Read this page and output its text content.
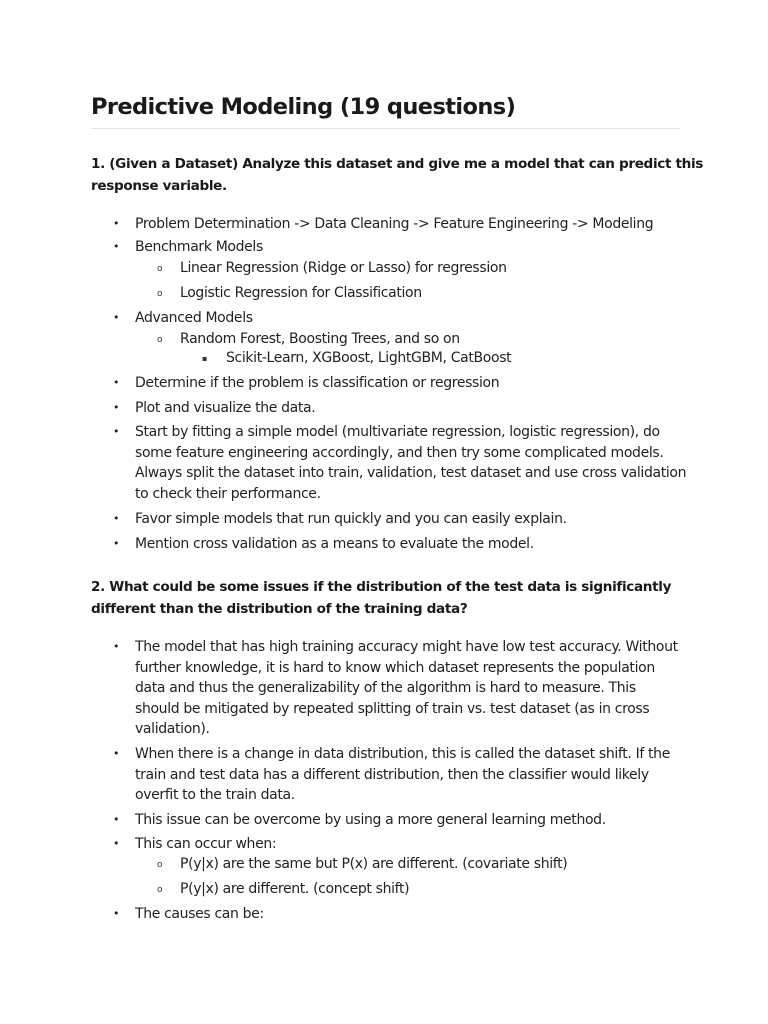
Predictive Modeling (19 questions)

1. (Given a Dataset) Analyze this dataset and give me a model that can predict this
response variable.

• Problem Determination -> Data Cleaning -> Feature Engineering -> Modeling
• Benchmark Models
o Linear Regression (Ridge or Lasso) for regression
o Logistic Regression for Classification
• Advanced Models
o Random Forest, Boosting Trees, and so on
▪ Scikit-Learn, XGBoost, LightGBM, CatBoost
• Determine if the problem is classification or regression
• Plot and visualize the data.
• Start by fitting a simple model (multivariate regression, logistic regression), do
some feature engineering accordingly, and then try some complicated models.
Always split the dataset into train, validation, test dataset and use cross validation
to check their performance.
• Favor simple models that run quickly and you can easily explain.
• Mention cross validation as a means to evaluate the model.

2. What could be some issues if the distribution of the test data is significantly
different than the distribution of the training data?

• The model that has high training accuracy might have low test accuracy. Without
further knowledge, it is hard to know which dataset represents the population
data and thus the generalizability of the algorithm is hard to measure. This
should be mitigated by repeated splitting of train vs. test dataset (as in cross
validation).
• When there is a change in data distribution, this is called the dataset shift. If the
train and test data has a different distribution, then the classifier would likely
overfit to the train data.
• This issue can be overcome by using a more general learning method.
• This can occur when:
o P(y|x) are the same but P(x) are different. (covariate shift)
o P(y|x) are different. (concept shift)
• The causes can be:
